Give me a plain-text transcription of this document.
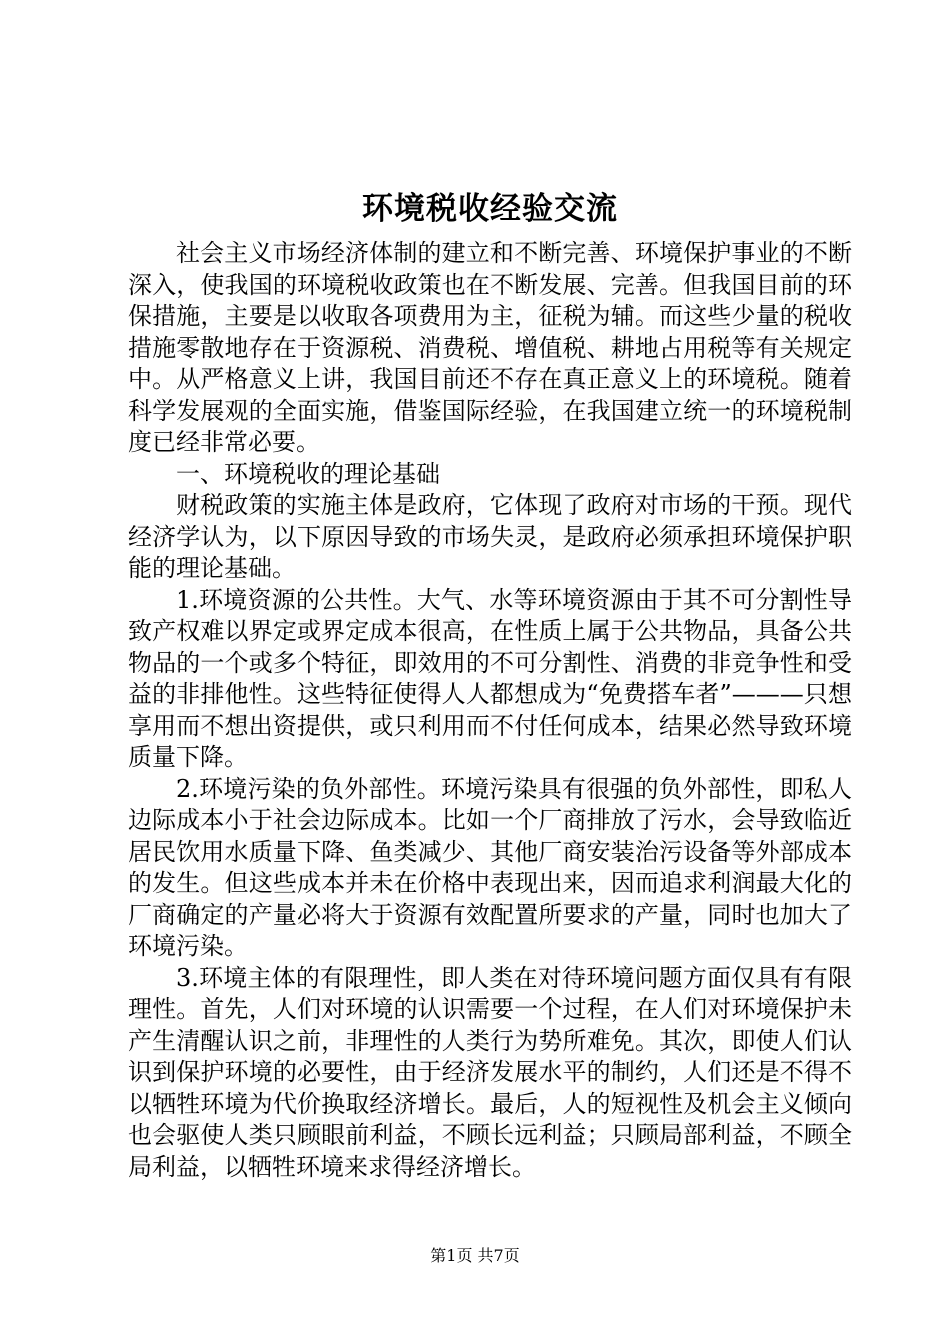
环境税收经验交流

社会主义市场经济体制的建立和不断完善、环境保护事业的不断深入，使我国的环境税收政策也在不断发展、完善。但我国目前的环保措施，主要是以收取各项费用为主，征税为辅。而这些少量的税收措施零散地存在于资源税、消费税、增值税、耕地占用税等有关规定中。从严格意义上讲，我国目前还不存在真正意义上的环境税。随着科学发展观的全面实施，借鉴国际经验，在我国建立统一的环境税制度已经非常必要。

一、环境税收的理论基础

财税政策的实施主体是政府，它体现了政府对市场的干预。现代经济学认为，以下原因导致的市场失灵，是政府必须承担环境保护职能的理论基础。

1.环境资源的公共性。大气、水等环境资源由于其不可分割性导致产权难以界定或界定成本很高，在性质上属于公共物品，具备公共物品的一个或多个特征，即效用的不可分割性、消费的非竞争性和受益的非排他性。这些特征使得人人都想成为“免费搭车者”———只想享用而不想出资提供，或只利用而不付任何成本，结果必然导致环境质量下降。

2.环境污染的负外部性。环境污染具有很强的负外部性，即私人边际成本小于社会边际成本。比如一个厂商排放了污水，会导致临近居民饮用水质量下降、鱼类减少、其他厂商安装治污设备等外部成本的发生。但这些成本并未在价格中表现出来，因而追求利润最大化的厂商确定的产量必将大于资源有效配置所要求的产量，同时也加大了环境污染。

3.环境主体的有限理性，即人类在对待环境问题方面仅具有有限理性。首先，人们对环境的认识需要一个过程，在人们对环境保护未产生清醒认识之前，非理性的人类行为势所难免。其次，即使人们认识到保护环境的必要性，由于经济发展水平的制约，人们还是不得不以牺牲环境为代价换取经济增长。最后，人的短视性及机会主义倾向也会驱使人类只顾眼前利益，不顾长远利益；只顾局部利益，不顾全局利益，以牺牲环境来求得经济增长。

第1页 共7页
